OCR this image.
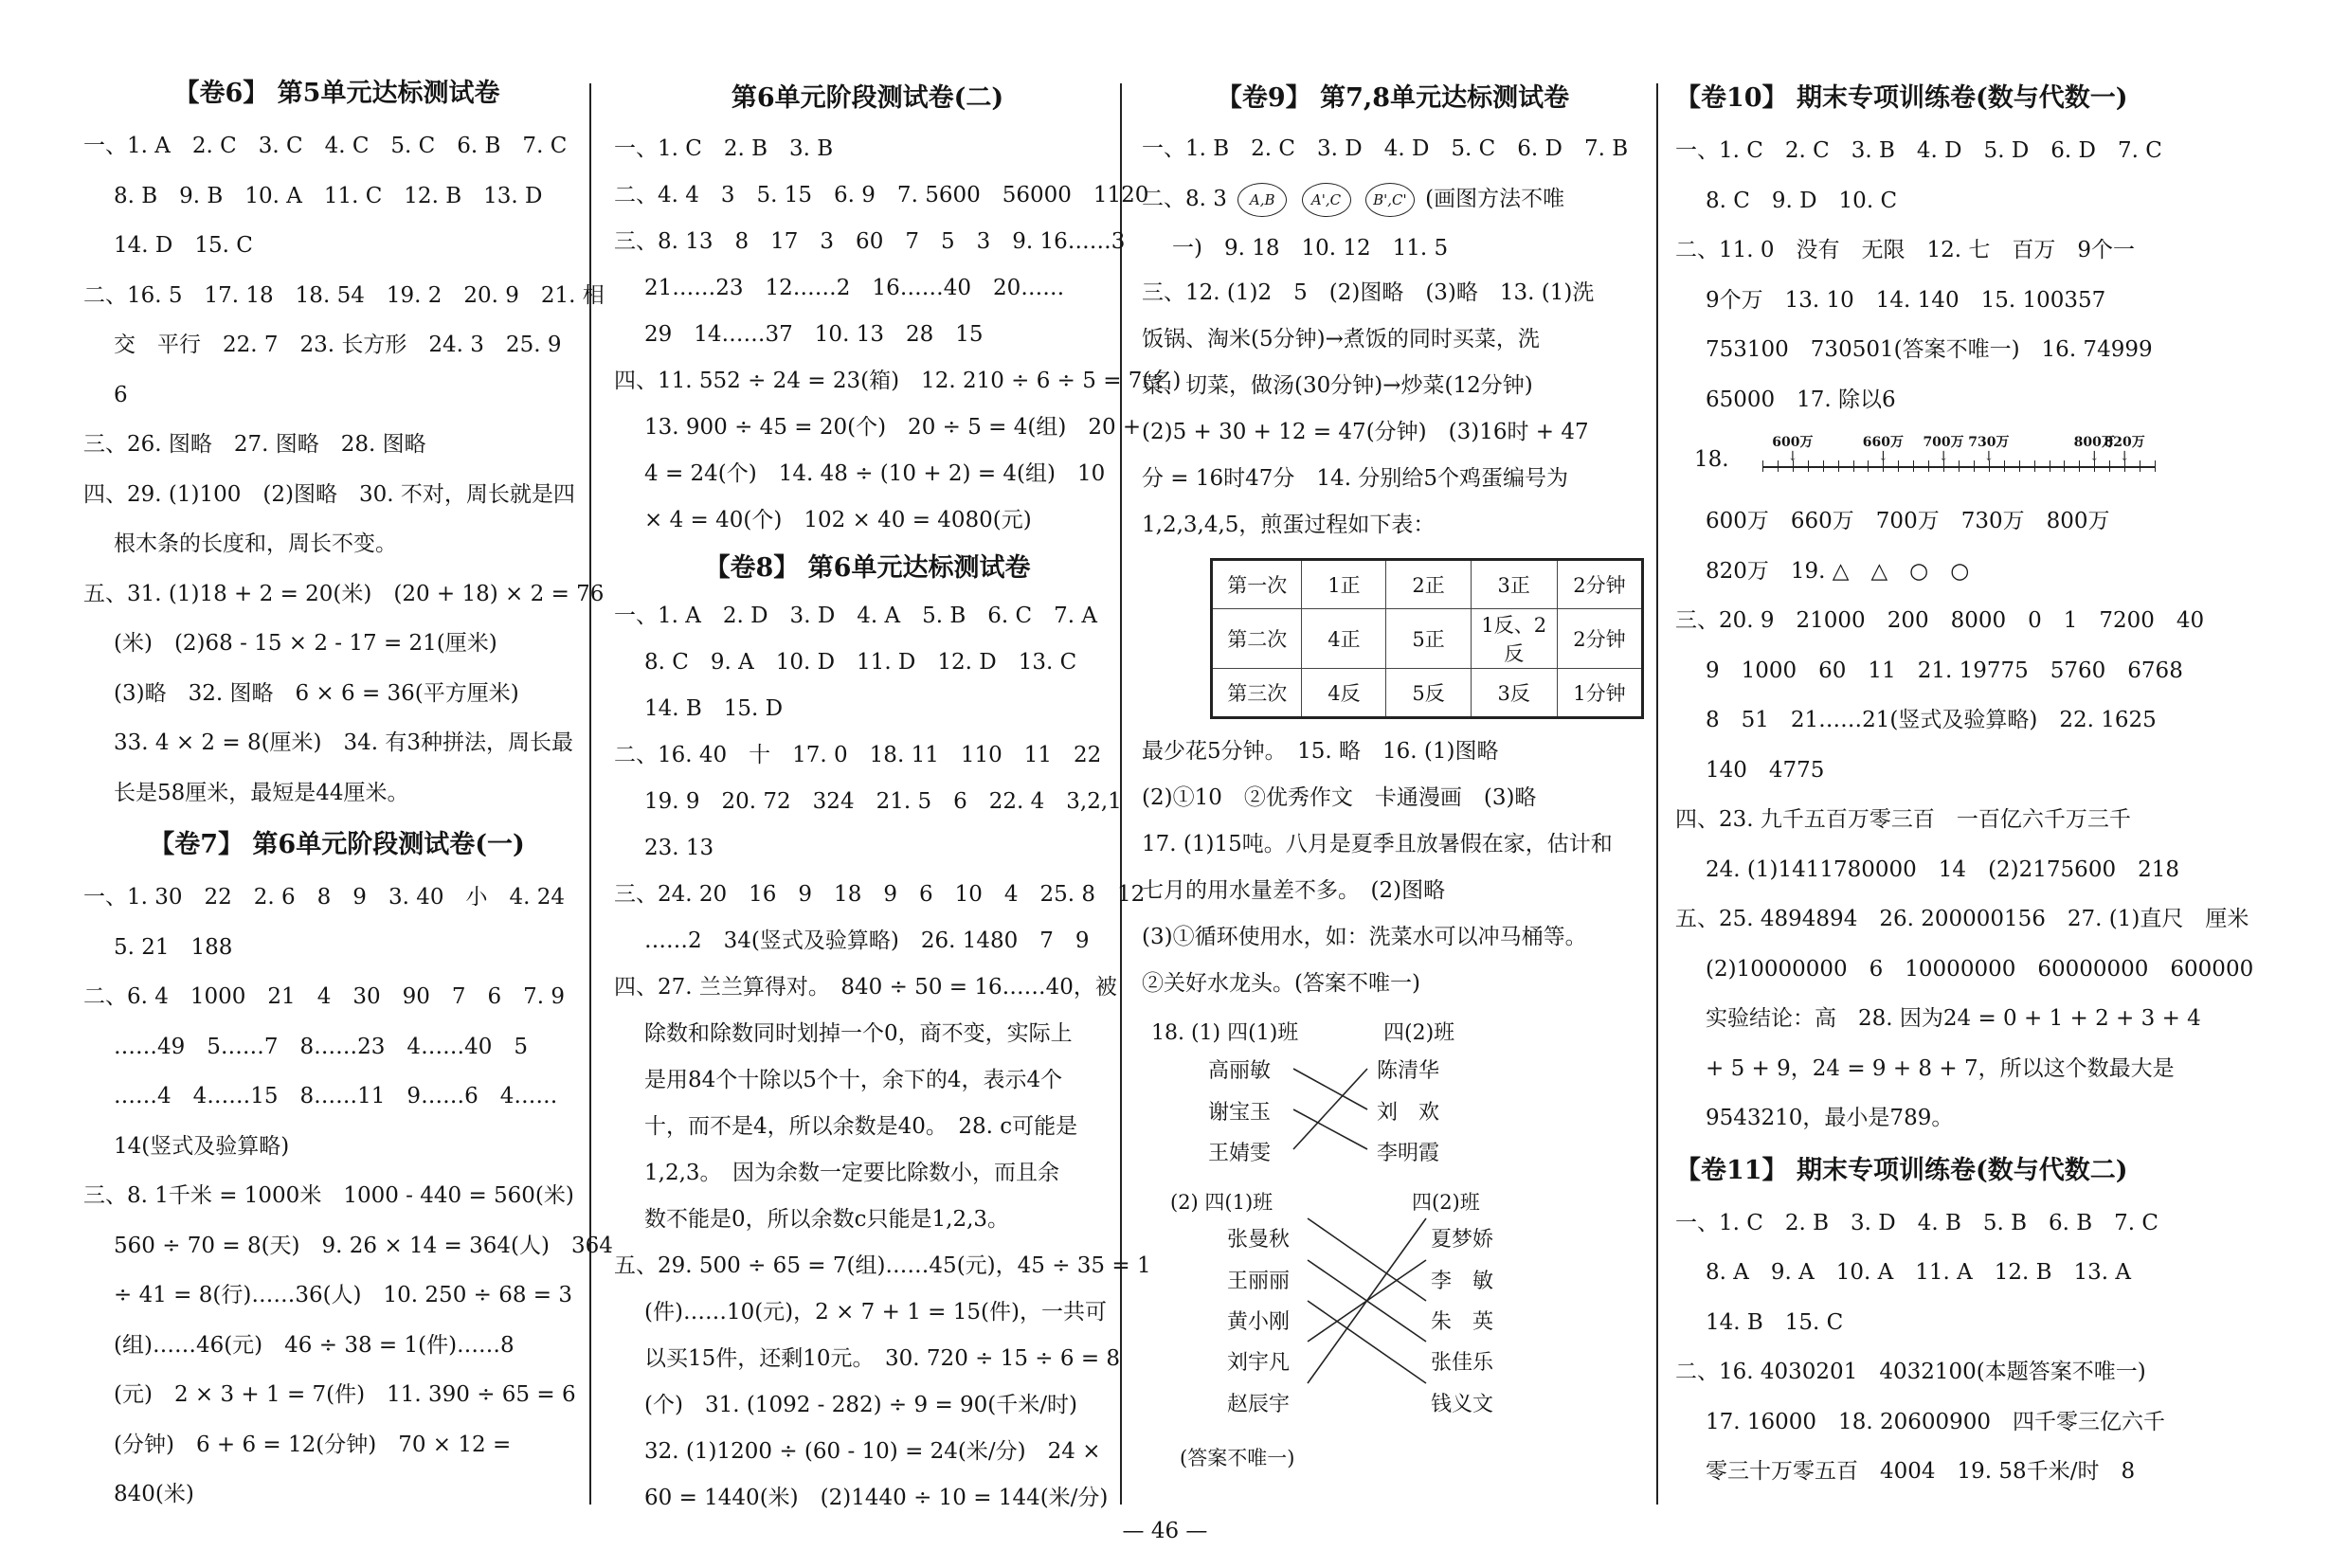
【卷6】 第5单元达标测试卷
一、1. A　2. C　3. C　4. C　5. C　6. B　7. C
8. B　9. B　10. A　11. C　12. B　13. D
14. D　15. C
二、16. 5　17. 18　18. 54　19. 2　20. 9　21. 相
交　平行　22. 7　23. 长方形　24. 3　25. 9
6
三、26. 图略　27. 图略　28. 图略
四、29. (1)100　(2)图略　30. 不对，周长就是四
根木条的长度和，周长不变。
五、31. (1)18 + 2 = 20(米)　(20 + 18) × 2 = 76
(米)　(2)68 - 15 × 2 - 17 = 21(厘米)
(3)略　32. 图略　6 × 6 = 36(平方厘米)
33. 4 × 2 = 8(厘米)　34. 有3种拼法，周长最
长是58厘米，最短是44厘米。
【卷7】 第6单元阶段测试卷(一)
一、1. 30　22　2. 6　8　9　3. 40　小　4. 24
5. 21　188
二、6. 4　1000　21　4　30　90　7　6　7. 9
……49　5……7　8……23　4……40　5
……4　4……15　8……11　9……6　4……
14(竖式及验算略)
三、8. 1千米 = 1000米　1000 - 440 = 560(米)
560 ÷ 70 = 8(天)　9. 26 × 14 = 364(人)　364
÷ 41 = 8(行)……36(人)　10. 250 ÷ 68 = 3
(组)……46(元)　46 ÷ 38 = 1(件)……8
(元)　2 × 3 + 1 = 7(件)　11. 390 ÷ 65 = 6
(分钟)　6 + 6 = 12(分钟)　70 × 12 =
840(米)
第6单元阶段测试卷(二)
一、1. C　2. B　3. B
二、4. 4　3　5. 15　6. 9　7. 5600　56000　1120
三、8. 13　8　17　3　60　7　5　3　9. 16……3
21……23　12……2　16……40　20……
29　14……37　10. 13　28　15
四、11. 552 ÷ 24 = 23(箱)　12. 210 ÷ 6 ÷ 5 = 7(名)
13. 900 ÷ 45 = 20(个)　20 ÷ 5 = 4(组)　20 +
4 = 24(个)　14. 48 ÷ (10 + 2) = 4(组)　10
× 4 = 40(个)　102 × 40 = 4080(元)
【卷8】 第6单元达标测试卷
一、1. A　2. D　3. D　4. A　5. B　6. C　7. A
8. C　9. A　10. D　11. D　12. D　13. C
14. B　15. D
二、16. 40　十　17. 0　18. 11　110　11　22
19. 9　20. 72　324　21. 5　6　22. 4　3,2,1
23. 13
三、24. 20　16　9　18　9　6　10　4　25. 8　12
……2　34(竖式及验算略)　26. 1480　7　9
四、27. 兰兰算得对。　840 ÷ 50 = 16……40，被
除数和除数同时划掉一个0，商不变，实际上
是用84个十除以5个十，余下的4，表示4个
十，而不是4，所以余数是40。　28. c可能是
1,2,3。　因为余数一定要比除数小，而且余
数不能是0，所以余数c只能是1,2,3。
五、29. 500 ÷ 65 = 7(组)……45(元)，45 ÷ 35 = 1
(件)……10(元)，2 × 7 + 1 = 15(件)，一共可
以买15件，还剩10元。　30. 720 ÷ 15 ÷ 6 = 8
(个)　31. (1092 - 282) ÷ 9 = 90(千米/时)
32. (1)1200 ÷ (60 - 10) = 24(米/分)　24 ×
60 = 1440(米)　(2)1440 ÷ 10 = 144(米/分)
【卷9】 第7,8单元达标测试卷
一、1. B　2. C　3. D　4. D　5. C　6. D　7. B
二、8. 3 A,B	A',C B',C' (画图方法不唯
一)　9. 18　10. 12　11. 5
三、12. (1)2　5　(2)图略　(3)略　13. (1)洗
饭锅、淘米(5分钟)→煮饭的同时买菜，洗
菜、切菜，做汤(30分钟)→炒菜(12分钟)
(2)5 + 30 + 12 = 47(分钟)　(3)16时 + 47
分 = 16时47分　14. 分别给5个鸡蛋编号为
1,2,3,4,5，煎蛋过程如下表：
第一次	1正	2正	3正	2分钟
第二次	4正	5正	1反、2反	2分钟
第三次	4反	5反	3反	1分钟
最少花5分钟。　15. 略　16. (1)图略
(2)①10　②优秀作文　卡通漫画　(3)略
17. (1)15吨。八月是夏季且放暑假在家，估计和
七月的用水量差不多。　(2)图略
(3)①循环使用水，如：洗菜水可以冲马桶等。
②关好水龙头。(答案不唯一)
18. (1) 四(1)班	四(2)班
高丽敏
谢宝玉
王婧雯
陈清华
刘　欢
李明霞
(2) 四(1)班	四(2)班
张曼秋
王丽丽
黄小刚
刘宇凡
赵辰宇
夏梦娇
李　敏
朱　英
张佳乐
钱义文
(答案不唯一)
【卷10】 期末专项训练卷(数与代数一)
一、1. C　2. C　3. B　4. D　5. D　6. D　7. C
8. C　9. D　10. C
二、11. 0　没有　无限　12. 七　百万　9个一
9个万　13. 10　14. 140　15. 100357
753100　730501(答案不唯一)　16. 74999
65000　17. 除以6
18.
600万
↓
660万
↓
700万
↓
730万
↓
800万
↓
820万
↓
600万　660万　700万　730万　800万
820万　19. △　△　○　○
三、20. 9　21000　200　8000　0　1　7200　40
9　1000　60　11　21. 19775　5760　6768
8　51　21……21(竖式及验算略)　22. 1625
140　4775
四、23. 九千五百万零三百　一百亿六千万三千
24. (1)1411780000　14　(2)2175600　218
五、25. 4894894　26. 200000156　27. (1)直尺　厘米
(2)10000000　6　10000000　60000000　600000
实验结论：高　28. 因为24 = 0 + 1 + 2 + 3 + 4
+ 5 + 9，24 = 9 + 8 + 7，所以这个数最大是
9543210，最小是789。
【卷11】 期末专项训练卷(数与代数二)
一、1. C　2. B　3. D　4. B　5. B　6. B　7. C
8. A　9. A　10. A　11. A　12. B　13. A
14. B　15. C
二、16. 4030201　4032100(本题答案不唯一)
17. 16000　18. 20600900　四千零三亿六千
零三十万零五百　4004　19. 58千米/时　8
— 46 —
